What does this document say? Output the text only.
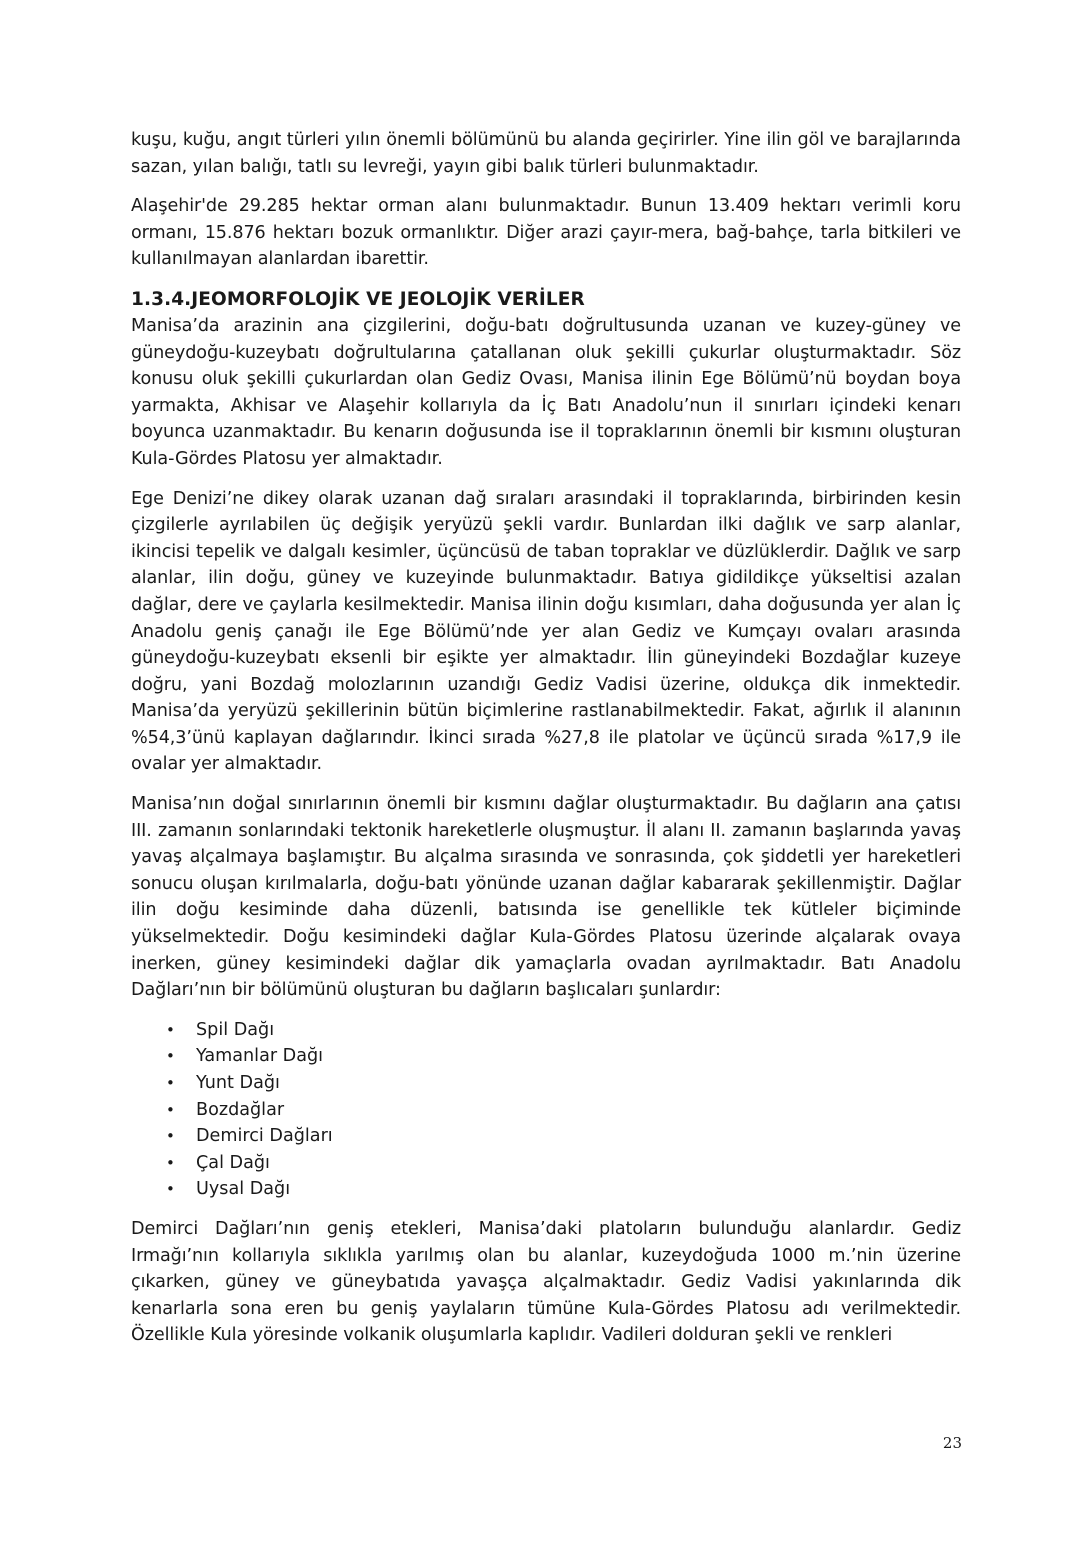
kuşu, kuğu, angıt türleri yılın önemli bölümünü bu alanda geçirirler. Yine ilin göl ve barajlarında sazan, yılan balığı, tatlı su levreği, yayın gibi balık türleri bulunmaktadır.

Alaşehir'de 29.285 hektar orman alanı bulunmaktadır. Bunun 13.409 hektarı verimli koru ormanı, 15.876 hektarı bozuk ormanlıktır. Diğer arazi çayır-mera, bağ-bahçe, tarla bitkileri ve kullanılmayan alanlardan ibarettir.

1.3.4.JEOMORFOLOJİK VE JEOLOJİK VERİLER

Manisa’da arazinin ana çizgilerini, doğu-batı doğrultusunda uzanan ve kuzey-güney ve güneydoğu-kuzeybatı doğrultularına çatallanan oluk şekilli çukurlar oluşturmaktadır. Söz konusu oluk şekilli çukurlardan olan Gediz Ovası, Manisa ilinin Ege Bölümü’nü boydan boya yarmakta, Akhisar ve Alaşehir kollarıyla da İç Batı Anadolu’nun il sınırları içindeki kenarı boyunca uzanmaktadır. Bu kenarın doğusunda ise il topraklarının önemli bir kısmını oluşturan Kula-Gördes Platosu yer almaktadır.

Ege Denizi’ne dikey olarak uzanan dağ sıraları arasındaki il topraklarında, birbirinden kesin çizgilerle ayrılabilen üç değişik yeryüzü şekli vardır. Bunlardan ilki dağlık ve sarp alanlar, ikincisi tepelik ve dalgalı kesimler, üçüncüsü de taban topraklar ve düzlüklerdir. Dağlık ve sarp alanlar, ilin doğu, güney ve kuzeyinde bulunmaktadır. Batıya gidildikçe yükseltisi azalan dağlar, dere ve çaylarla kesilmektedir. Manisa ilinin doğu kısımları, daha doğusunda yer alan İç Anadolu geniş çanağı ile Ege Bölümü’nde yer alan Gediz ve Kumçayı ovaları arasında güneydoğu-kuzeybatı eksenli bir eşikte yer almaktadır. İlin güneyindeki Bozdağlar kuzeye doğru, yani Bozdağ molozlarının uzandığı Gediz Vadisi üzerine, oldukça dik inmektedir. Manisa’da yeryüzü şekillerinin bütün biçimlerine rastlanabilmektedir. Fakat, ağırlık il alanının %54,3’ünü kaplayan dağlarındır. İkinci sırada %27,8 ile platolar ve üçüncü sırada %17,9 ile ovalar yer almaktadır.

Manisa’nın doğal sınırlarının önemli bir kısmını dağlar oluşturmaktadır. Bu dağların ana çatısı III. zamanın sonlarındaki tektonik hareketlerle oluşmuştur. İl alanı II. zamanın başlarında yavaş yavaş alçalmaya başlamıştır. Bu alçalma sırasında ve sonrasında, çok şiddetli yer hareketleri sonucu oluşan kırılmalarla, doğu-batı yönünde uzanan dağlar kabararak şekillenmiştir. Dağlar ilin doğu kesiminde daha düzenli, batısında ise genellikle tek kütleler biçiminde yükselmektedir. Doğu kesimindeki dağlar Kula-Gördes Platosu üzerinde alçalarak ovaya inerken, güney kesimindeki dağlar dik yamaçlarla ovadan ayrılmaktadır. Batı Anadolu Dağları’nın bir bölümünü oluşturan bu dağların başlıcaları şunlardır:

• Spil Dağı
• Yamanlar Dağı
• Yunt Dağı
• Bozdağlar
• Demirci Dağları
• Çal Dağı
• Uysal Dağı

Demirci Dağları’nın geniş etekleri, Manisa’daki platoların bulunduğu alanlardır. Gediz Irmağı’nın kollarıyla sıklıkla yarılmış olan bu alanlar, kuzeydoğuda 1000 m.’nin üzerine çıkarken, güney ve güneybatıda yavaşça alçalmaktadır. Gediz Vadisi yakınlarında dik kenarlarla sona eren bu geniş yaylaların tümüne Kula-Gördes Platosu adı verilmektedir. Özellikle Kula yöresinde volkanik oluşumlarla kaplıdır. Vadileri dolduran şekli ve renkleri

23
